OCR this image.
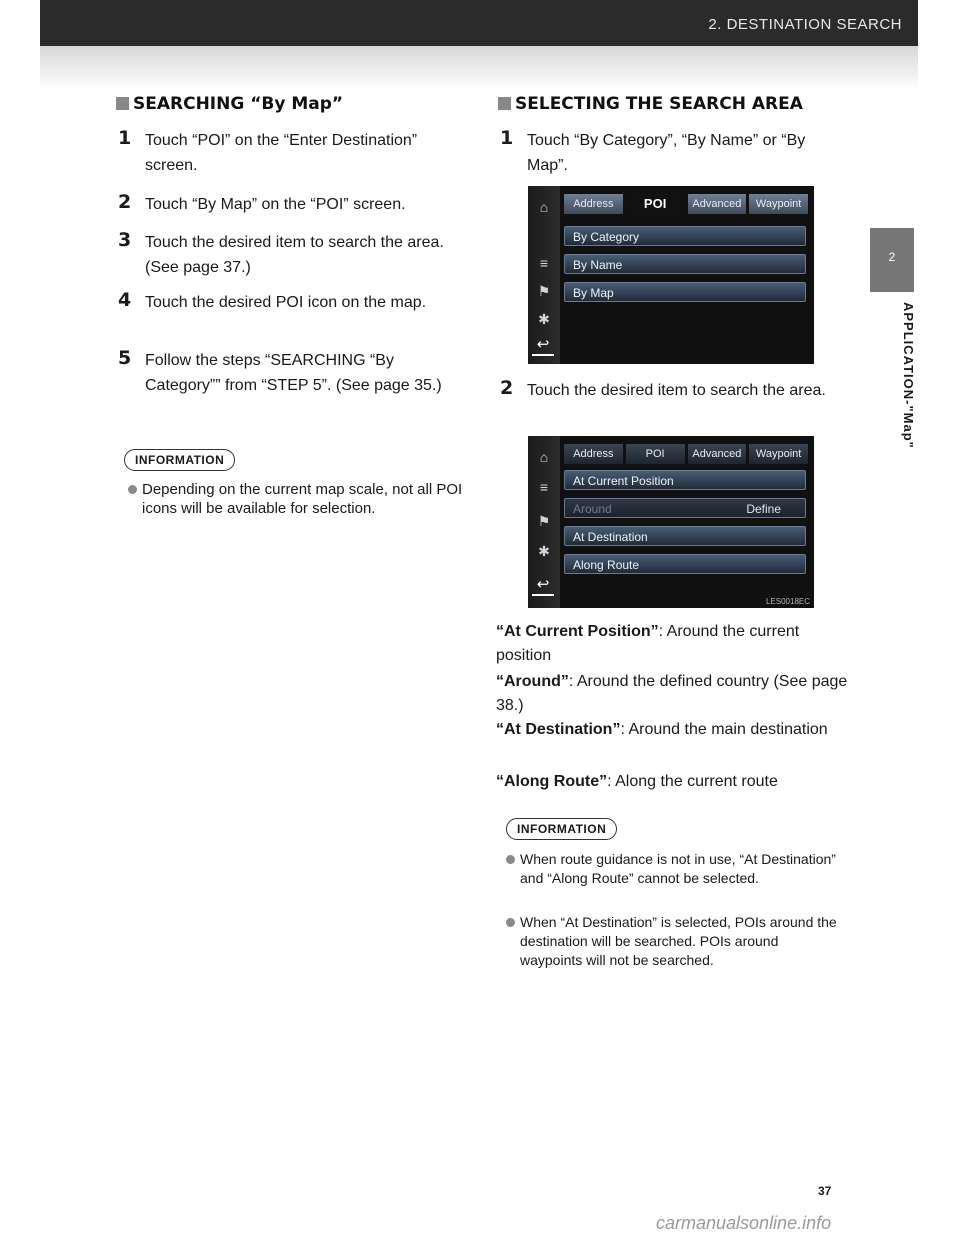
2. DESTINATION SEARCH
2
APPLICATION-"Map"
SEARCHING “By Map”
1 Touch “POI” on the “Enter Destination” screen.
2 Touch “By Map” on the “POI” screen.
3 Touch the desired item to search the area. (See page 37.)
4 Touch the desired POI icon on the map.
5 Follow the steps “SEARCHING “By Category”” from “STEP 5”. (See page 35.)
INFORMATION
Depending on the current map scale, not all POI icons will be available for selection.
SELECTING THE SEARCH AREA
1 Touch “By Category”, “By Name” or “By Map”.
⌂
≡
⚑
✱
↩
Address	POI	Advanced	Waypoint
By Category
By Name
By Map
2 Touch the desired item to search the area.
⌂
≡
⚑
✱
↩
Address	POI	Advanced	Waypoint
At Current Position
Around	Define
At Destination
Along Route
LES0018EC
“At Current Position”: Around the current position
“Around”: Around the defined country (See page 38.)
“At Destination”: Around the main destination
“Along Route”: Along the current route
INFORMATION
When route guidance is not in use, “At Destination” and “Along Route” cannot be selected.
When “At Destination” is selected, POIs around the destination will be searched. POIs around waypoints will not be searched.
37
carmanualsonline.info
